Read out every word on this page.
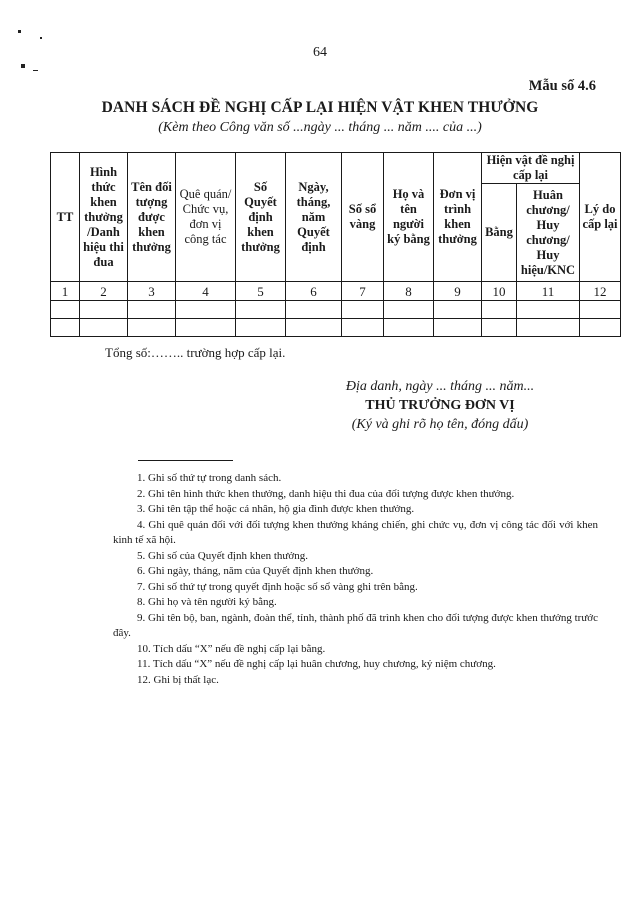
64
Mẫu số 4.6
DANH SÁCH ĐỀ NGHỊ CẤP LẠI HIỆN VẬT KHEN THƯỞNG
(Kèm theo Công văn số ...ngày ... tháng ... năm .... của ...)
TT	Hình thức khen thưởng /Danh hiệu thi đua	Tên đối tượng được khen thưởng	Quê quán/ Chức vụ, đơn vị công tác	Số Quyết định khen thưởng	Ngày, tháng, năm Quyết định	Số sổ vàng	Họ và tên người ký bằng	Đơn vị trình khen thưởng	Hiện vật đề nghị cấp lại		Lý do cấp lại
									Bằng	Huân chương/ Huy chương/ Huy hiệu/KNC	
1	2	3	4	5	6	7	8	9	10	11	12

Tổng số:…….. trường hợp cấp lại.
Địa danh, ngày ... tháng ... năm...
THỦ TRƯỞNG ĐƠN VỊ
(Ký và ghi rõ họ tên, đóng dấu)
1. Ghi số thứ tự trong danh sách.
2. Ghi tên hình thức khen thưởng, danh hiệu thi đua của đối tượng được khen thưởng.
3. Ghi tên tập thể hoặc cá nhân, hộ gia đình được khen thưởng.
4. Ghi quê quán đối với đối tượng khen thưởng kháng chiến, ghi chức vụ, đơn vị công tác đối với khen kinh tế xã hội.
5. Ghi số của Quyết định khen thưởng.
6. Ghi ngày, tháng, năm của Quyết định khen thưởng.
7. Ghi số thứ tự trong quyết định hoặc số sổ vàng ghi trên bằng.
8. Ghi họ và tên người ký bằng.
9. Ghi tên bộ, ban, ngành, đoàn thể, tỉnh, thành phố đã trình khen cho đối tượng được khen thưởng trước đây.
10. Tích dấu “X” nếu đề nghị cấp lại bằng.
11. Tích dấu “X” nếu đề nghị cấp lại huân chương, huy chương, kỷ niệm chương.
12. Ghi bị thất lạc.
